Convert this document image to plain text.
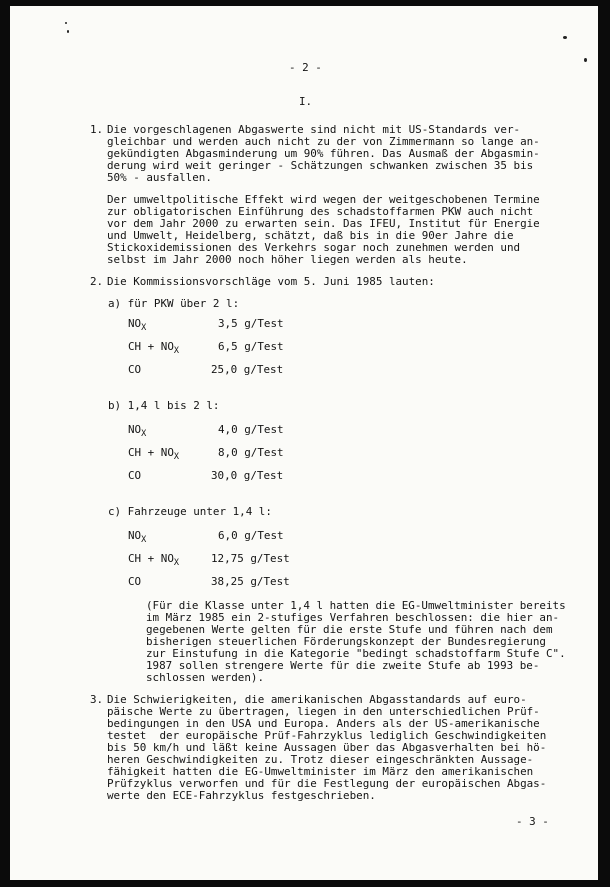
- 2 -
I.
1. Die vorgeschlagenen Abgaswerte sind nicht mit US-Standards ver-
gleichbar und werden auch nicht zu der von Zimmermann so lange an-
gekündigten Abgasminderung um 90% führen. Das Ausmaß der Abgasmin-
derung wird weit geringer - Schätzungen schwanken zwischen 35 bis
50% - ausfallen.
Der umweltpolitische Effekt wird wegen der weitgeschobenen Termine
zur obligatorischen Einführung des schadstoffarmen PKW auch nicht
vor dem Jahr 2000 zu erwarten sein. Das IFEU, Institut für Energie
und Umwelt, Heidelberg, schätzt, daß bis in die 90er Jahre die
Stickoxidemissionen des Verkehrs sogar noch zunehmen werden und
selbst im Jahr 2000 noch höher liegen werden als heute.
2. Die Kommissionsvorschläge vom 5. Juni 1985 lauten:
a) für PKW über 2 l:
$NO_X$	3,5 g/Test
CH + $NO_X$	6,5 g/Test
CO	25,0 g/Test
b) 1,4 l bis 2 l:
$NO_X$	4,0 g/Test
CH + $NO_X$	8,0 g/Test
CO	30,0 g/Test
c) Fahrzeuge unter 1,4 l:
$NO_X$	6,0 g/Test
CH + $NO_X$	12,75 g/Test
CO	38,25 g/Test
(Für die Klasse unter 1,4 l hatten die EG-Umweltminister bereits
im März 1985 ein 2-stufiges Verfahren beschlossen: die hier an-
gegebenen Werte gelten für die erste Stufe und führen nach dem
bisherigen steuerlichen Förderungskonzept der Bundesregierung
zur Einstufung in die Kategorie "bedingt schadstoffarm Stufe C".
1987 sollen strengere Werte für die zweite Stufe ab 1993 be-
schlossen werden).
3. Die Schwierigkeiten, die amerikanischen Abgasstandards auf euro-
päische Werte zu übertragen, liegen in den unterschiedlichen Prüf-
bedingungen in den USA und Europa. Anders als der US-amerikanische
testet  der europäische Prüf-Fahrzyklus lediglich Geschwindigkeiten
bis 50 km/h und läßt keine Aussagen über das Abgasverhalten bei hö-
heren Geschwindigkeiten zu. Trotz dieser eingeschränkten Aussage-
fähigkeit hatten die EG-Umweltminister im März den amerikanischen
Prüfzyklus verworfen und für die Festlegung der europäischen Abgas-
werte den ECE-Fahrzyklus festgeschrieben.
- 3 -
